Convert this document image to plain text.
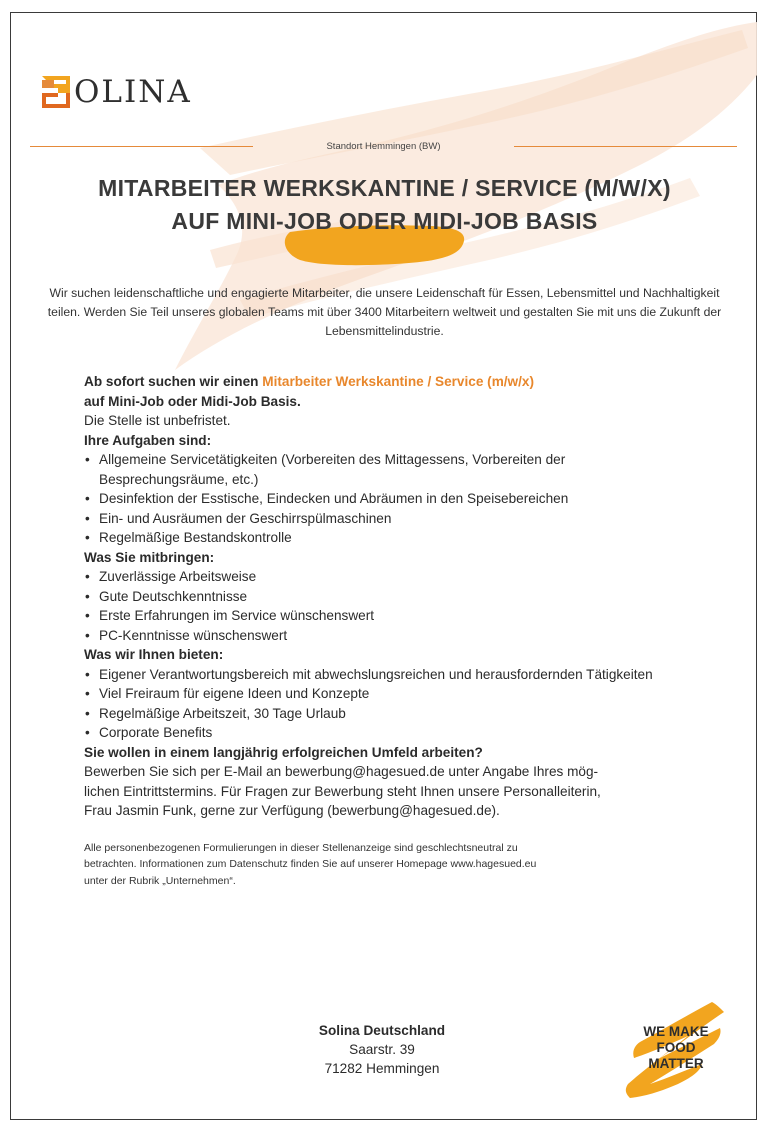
OLINA
Standort Hemmingen (BW)
MITARBEITER WERKSKANTINE / SERVICE (M/W/X)
AUF MINI-JOB ODER MIDI-JOB BASIS
Wir suchen leidenschaftliche und engagierte Mitarbeiter, die unsere Leidenschaft für Essen, Lebensmittel und Nachhaltigkeit teilen. Werden Sie Teil unseres globalen Teams mit über 3400 Mitarbeitern weltweit und gestalten Sie mit uns die Zukunft der Lebensmittelindustrie.

Ab sofort suchen wir einen Mitarbeiter Werkskantine / Service (m/w/x)

auf Mini-Job oder Midi-Job Basis.

Die Stelle ist unbefristet.

Ihre Aufgaben sind:

• Allgemeine Servicetätigkeiten (Vorbereiten des Mittagessens, Vorbereiten der Besprechungsräume, etc.)
• Desinfektion der Esstische, Eindecken und Abräumen in den Speisebereichen
• Ein- und Ausräumen der Geschirrspülmaschinen
• Regelmäßige Bestandskontrolle

Was Sie mitbringen:

• Zuverlässige Arbeitsweise
• Gute Deutschkenntnisse
• Erste Erfahrungen im Service wünschenswert
• PC-Kenntnisse wünschenswert

Was wir Ihnen bieten:

• Eigener Verantwortungsbereich mit abwechslungsreichen und herausfordernden Tätigkeiten
• Viel Freiraum für eigene Ideen und Konzepte
• Regelmäßige Arbeitszeit, 30 Tage Urlaub
• Corporate Benefits

Sie wollen in einem langjährig erfolgreichen Umfeld arbeiten?

Bewerben Sie sich per E-Mail an bewerbung@hagesued.de unter Angabe Ihres mög-

lichen Eintrittstermins. Für Fragen zur Bewerbung steht Ihnen unsere Personalleiterin,

Frau Jasmin Funk, gerne zur Verfügung (bewerbung@hagesued.de).

Alle personenbezogenen Formulierungen in dieser Stellenanzeige sind geschlechtsneutral zu
betrachten. Informationen zum Datenschutz finden Sie auf unserer Homepage www.hagesued.eu
unter der Rubrik „Unternehmen“.
Solina Deutschland
Saarstr. 39
71282 Hemmingen
WE MAKE
FOOD
MATTER
